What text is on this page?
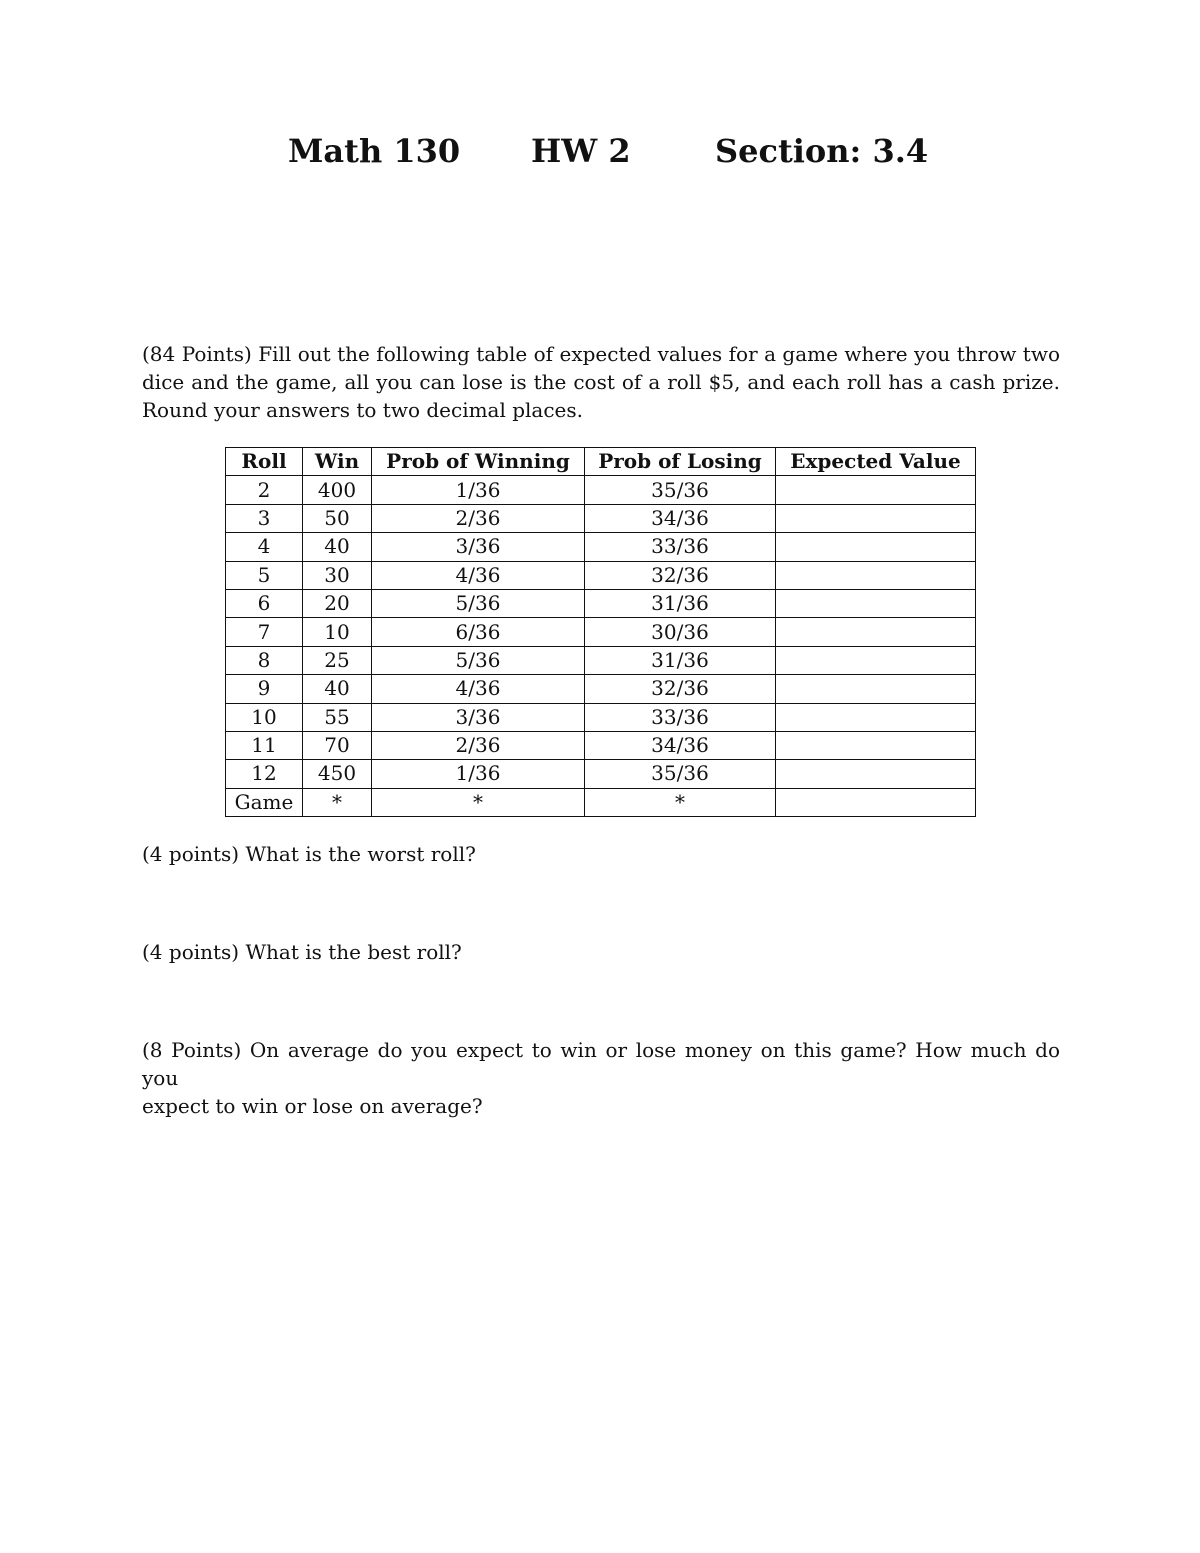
Math 130 HW 2	Section: 3.4
(84 Points) Fill out the following table of expected values for a game where you throw two
dice and the game, all you can lose is the cost of a roll $5, and each roll has a cash prize.
Round your answers to two decimal places.
Roll	Win	Prob of Winning	Prob of Losing	Expected Value
2	400	1/36	35/36	
3	50	2/36	34/36	
4	40	3/36	33/36	
5	30	4/36	32/36	
6	20	5/36	31/36	
7	10	6/36	30/36	
8	25	5/36	31/36	
9	40	4/36	32/36	
10	55	3/36	33/36	
11	70	2/36	34/36	
12	450	1/36	35/36	
Game	*	*	*	
(4 points) What is the worst roll?
(4 points) What is the best roll?
(8 Points) On average do you expect to win or lose money on this game? How much do you
expect to win or lose on average?
